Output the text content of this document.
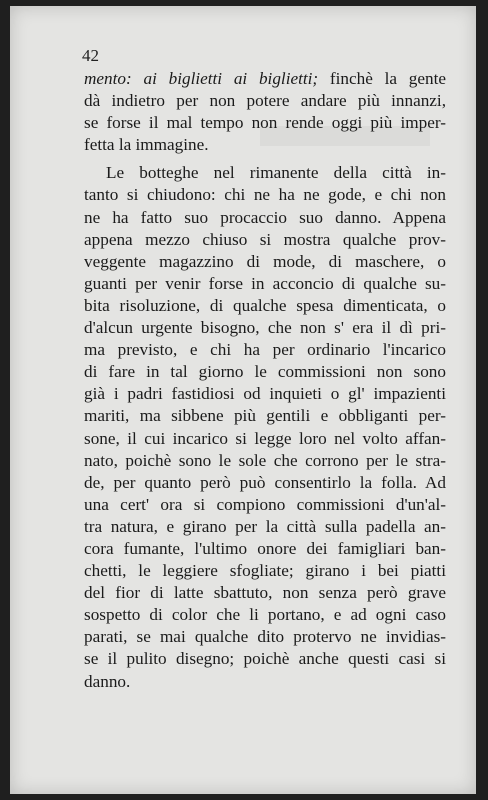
42

mento: ai biglietti ai biglietti; finchè la gente
dà indietro per non potere andare più innanzi,
se forse il mal tempo non rende oggi più imper-
fetta la immagine.
Le botteghe nel rimanente della città in-
tanto si chiudono: chi ne ha ne gode, e chi non
ne ha fatto suo procaccio suo danno. Appena
appena mezzo chiuso si mostra qualche prov-
veggente magazzino di mode, di maschere, o
guanti per venir forse in acconcio di qualche su-
bita risoluzione, di qualche spesa dimenticata, o
d'alcun urgente bisogno, che non s' era il dì pri-
ma previsto, e chi ha per ordinario l'incarico
di fare in tal giorno le commissioni non sono
già i padri fastidiosi od inquieti o gl' impazienti
mariti, ma sibbene più gentili e obbliganti per-
sone, il cui incarico si legge loro nel volto affan-
nato, poichè sono le sole che corrono per le stra-
de, per quanto però può consentirlo la folla. Ad
una cert' ora si compiono commissioni d'un'al-
tra natura, e girano per la città sulla padella an-
cora fumante, l'ultimo onore dei famigliari ban-
chetti, le leggiere sfogliate; girano i bei piatti
del fior di latte sbattuto, non senza però grave
sospetto di color che li portano, e ad ogni caso
parati, se mai qualche dito protervo ne invidias-
se il pulito disegno; poichè anche questi casi si
danno.
